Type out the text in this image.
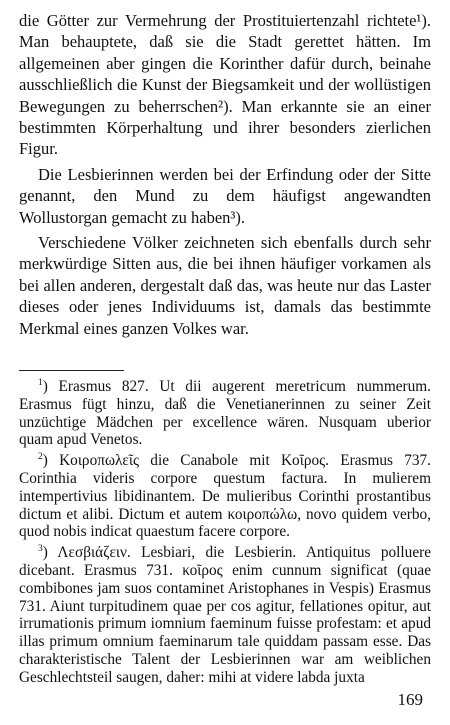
die Götter zur Vermehrung der Prostituiertenzahl richtete¹). Man behauptete, daß sie die Stadt gerettet hätten. Im allgemeinen aber gingen die Korinther dafür durch, beinahe ausschließlich die Kunst der Biegsamkeit und der wollüstigen Bewegungen zu beherrschen²). Man erkannte sie an einer bestimmten Körperhaltung und ihrer besonders zierlichen Figur.

Die Lesbierinnen werden bei der Erfindung oder der Sitte genannt, den Mund zu dem häufigst angewandten Wollustorgan gemacht zu haben³).

Verschiedene Völker zeichneten sich ebenfalls durch sehr merkwürdige Sitten aus, die bei ihnen häufiger vorkamen als bei allen anderen, dergestalt daß das, was heute nur das Laster dieses oder jenes Individuums ist, damals das bestimmte Merkmal eines ganzen Volkes war.

$^1$) Erasmus 827. Ut dii augerent meretricum nummerum. Erasmus fügt hinzu, daß die Venetianerinnen zu seiner Zeit unzüchtige Mädchen per excellence wären. Nusquam uberior quam apud Venetos.

$^2$) Κοιροπωλεῖς die Canabole mit Κοῖρος. Erasmus 737. Corinthia videris corpore questum factura. In mulierem intempertivius libidinantem. De mulieribus Corinthi prostantibus dictum et alibi. Dictum et autem κοιροπώλω, novo quidem verbo, quod nobis indicat quaestum facere corpore.

$^3$) Λεσβιάζειν. Lesbiari, die Lesbierin. Antiquitus polluere dicebant. Erasmus 731. κοῖρος enim cunnum significat (quae combibones jam suos contaminet Aristophanes in Vespis) Erasmus 731. Aiunt turpitudinem quae per cos agitur, fellationes opitur, aut irrumationis primum iomnium faeminum fuisse profestam: et apud illas primum omnium faeminarum tale quiddam passam esse. Das charakteristische Talent der Lesbierinnen war am weiblichen Geschlechtsteil saugen, daher: mihi at videre labda juxta

169
